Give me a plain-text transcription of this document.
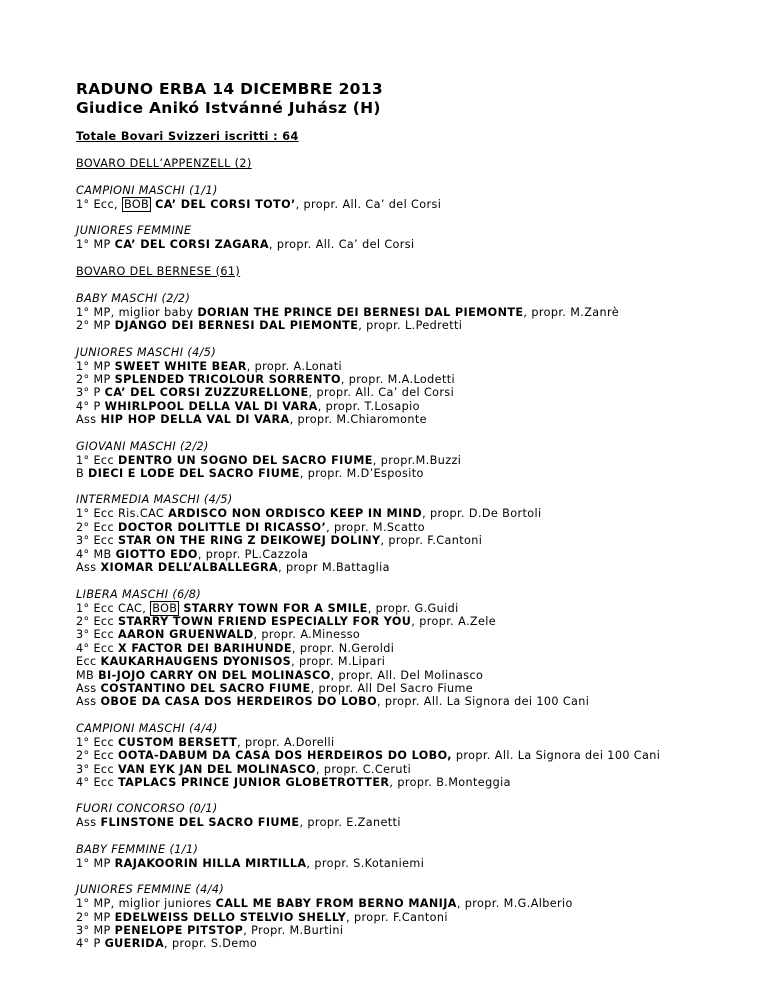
RADUNO ERBA 14 DICEMBRE 2013
Giudice Anikó Istvánné Juhász (H)
Totale Bovari Svizzeri iscritti : 64
BOVARO DELL’APPENZELL (2)
CAMPIONI MASCHI (1/1)
1° Ecc, BOB CA’ DEL CORSI TOTO’, propr. All. Ca’ del Corsi
JUNIORES FEMMINE
1° MP CA’ DEL CORSI ZAGARA, propr. All. Ca’ del Corsi
BOVARO DEL BERNESE (61)
BABY MASCHI (2/2)
1° MP, miglior baby DORIAN THE PRINCE DEI BERNESI DAL PIEMONTE, propr. M.Zanrè
2° MP DJANGO DEI BERNESI DAL PIEMONTE, propr. L.Pedretti
JUNIORES MASCHI (4/5)
1° MP SWEET WHITE BEAR, propr. A.Lonati
2° MP SPLENDED TRICOLOUR SORRENTO, propr. M.A.Lodetti
3° P CA’ DEL CORSI ZUZZURELLONE, propr. All. Ca’ del Corsi
4° P WHIRLPOOL DELLA VAL DI VARA, propr. T.Losapio
Ass HIP HOP DELLA VAL DI VARA, propr. M.Chiaromonte
GIOVANI MASCHI (2/2)
1° Ecc DENTRO UN SOGNO DEL SACRO FIUME, propr.M.Buzzi
B DIECI E LODE DEL SACRO FIUME, propr. M.D’Esposito
INTERMEDIA MASCHI (4/5)
1° Ecc Ris.CAC ARDISCO NON ORDISCO KEEP IN MIND, propr. D.De Bortoli
2° Ecc DOCTOR DOLITTLE DI RICASSO’, propr. M.Scatto
3° Ecc STAR ON THE RING Z DEIKOWEJ DOLINY, propr. F.Cantoni
4° MB GIOTTO EDO, propr. PL.Cazzola
Ass XIOMAR DELL’ALBALLEGRA, propr M.Battaglia
LIBERA MASCHI (6/8)
1° Ecc CAC, BOB STARRY TOWN FOR A SMILE, propr. G.Guidi
2° Ecc STARRY TOWN FRIEND ESPECIALLY FOR YOU, propr. A.Zele
3° Ecc AARON GRUENWALD, propr. A.Minesso
4° Ecc X FACTOR DEI BARIHUNDE, propr. N.Geroldi
Ecc KAUKARHAUGENS DYONISOS, propr. M.Lipari
MB BI-JOJO CARRY ON DEL MOLINASCO, propr. All. Del Molinasco
Ass COSTANTINO DEL SACRO FIUME, propr. All Del Sacro Fiume
Ass OBOE DA CASA DOS HERDEIROS DO LOBO, propr. All. La Signora dei 100 Cani
CAMPIONI MASCHI (4/4)
1° Ecc CUSTOM BERSETT, propr. A.Dorelli
2° Ecc OOTA-DABUM DA CASA DOS HERDEIROS DO LOBO, propr. All. La Signora dei 100 Cani
3° Ecc VAN EYK JAN DEL MOLINASCO, propr. C.Ceruti
4° Ecc TAPLACS PRINCE JUNIOR GLOBETROTTER, propr. B.Monteggia
FUORI CONCORSO (0/1)
Ass FLINSTONE DEL SACRO FIUME, propr. E.Zanetti
BABY FEMMINE (1/1)
1° MP RAJAKOORIN HILLA MIRTILLA, propr. S.Kotaniemi
JUNIORES FEMMINE (4/4)
1° MP, miglior juniores CALL ME BABY FROM BERNO MANIJA, propr. M.G.Alberio
2° MP EDELWEISS DELLO STELVIO SHELLY, propr. F.Cantoni
3° MP PENELOPE PITSTOP, Propr. M.Burtini
4° P GUERIDA, propr. S.Demo
